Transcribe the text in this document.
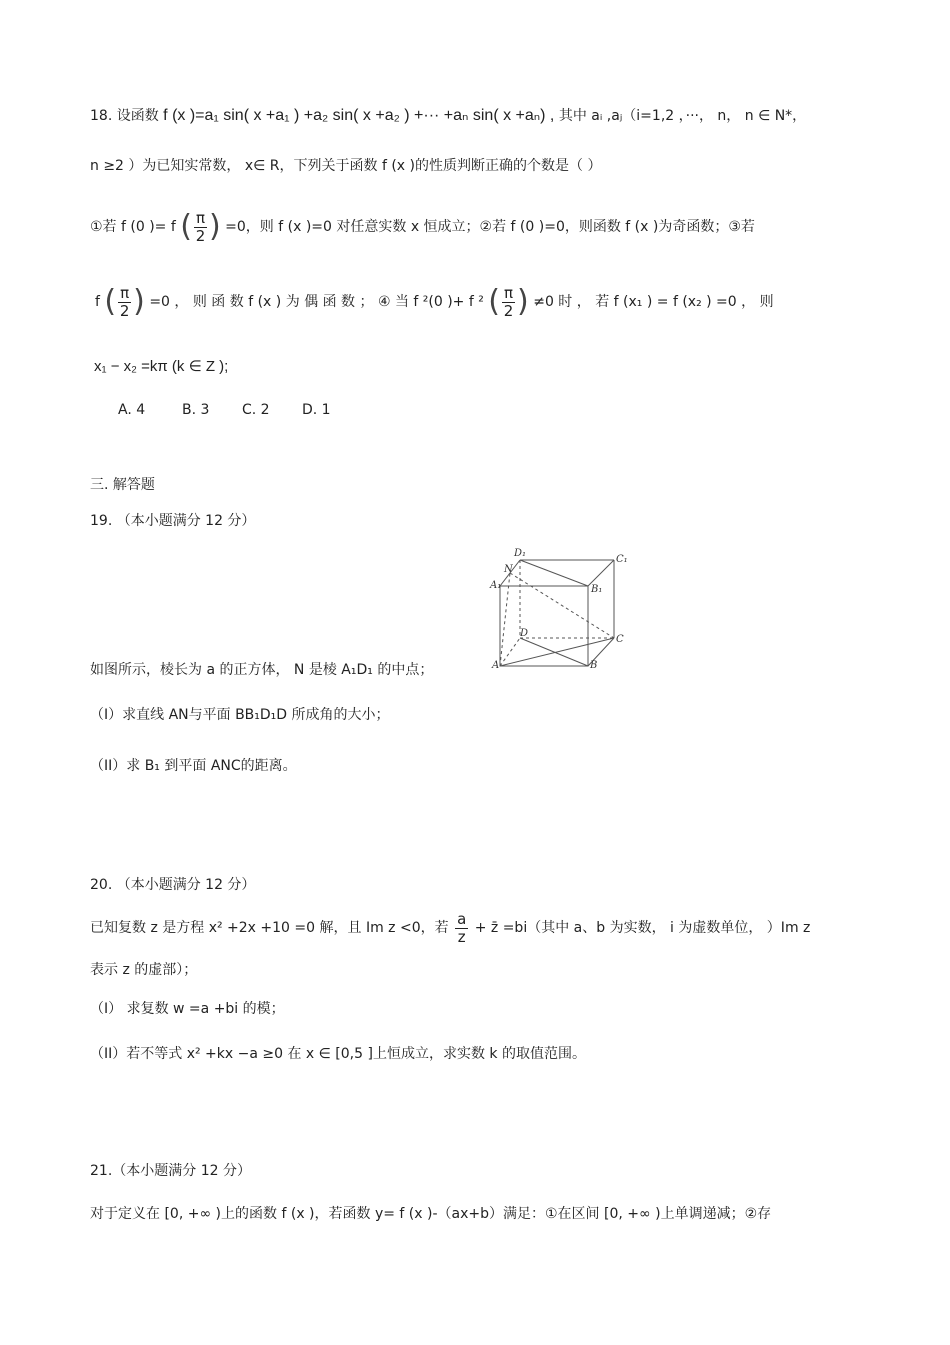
18. 设函数 f (x )=a₁ sin( x +a₁ ) +a₂ sin( x +a₂ ) +··· +aₙ sin( x +aₙ) , 其中 aᵢ ,aⱼ（i=1,2 ，···， n， n ∈ N*，
n ≥2 ）为已知实常数， x∈ R，下列关于函数 f (x )的性质判断正确的个数是（ ）
①若 f (0 )= f ( $\frac{\pi}{2}$ ) =0，则 f (x )=0 对任意实数 x 恒成立；②若 f (0 )=0，则函数 f (x )为奇函数；③若
f ( $\frac{\pi}{2}$ ) =0 ， 则 函 数 f (x ) 为 偶 函 数 ； ④ 当 f ²(0 )+ f ² ( $\frac{\pi}{2}$ ) ≠0 时 ， 若 f (x₁ ) = f (x₂ ) =0 ， 则
x₁ − x₂ =kπ (k ∈ Z );
A. 4	B. 3 C. 2 D. 1
三. 解答题
19. （本小题满分 12 分）
D₁
C₁
N
A₁	B₁
D
C
A	B
如图所示，棱长为 a 的正方体， N 是棱 A₁D₁ 的中点；
（I）求直线 AN与平面 BB₁D₁D 所成角的大小；
（II）求 B₁ 到平面 ANC的距离。
20. （本小题满分 12 分）
已知复数 z 是方程 x² +2x +10 =0 解，且 Im z <0，若 $\frac{a}{z}$ + z̄ =bi（其中 a、b 为实数， i 为虚数单位， ）Im z
表示 z 的虚部）；
（I） 求复数 w =a +bi 的模；
（II）若不等式 x² +kx −a ≥0 在 x ∈ [0,5 ]上恒成立，求实数 k 的取值范围。
21.（本小题满分 12 分）
对于定义在 [0, +∞ )上的函数 f (x )，若函数 y= f (x )-（ax+b）满足：①在区间 [0, +∞ )上单调递减；②存
